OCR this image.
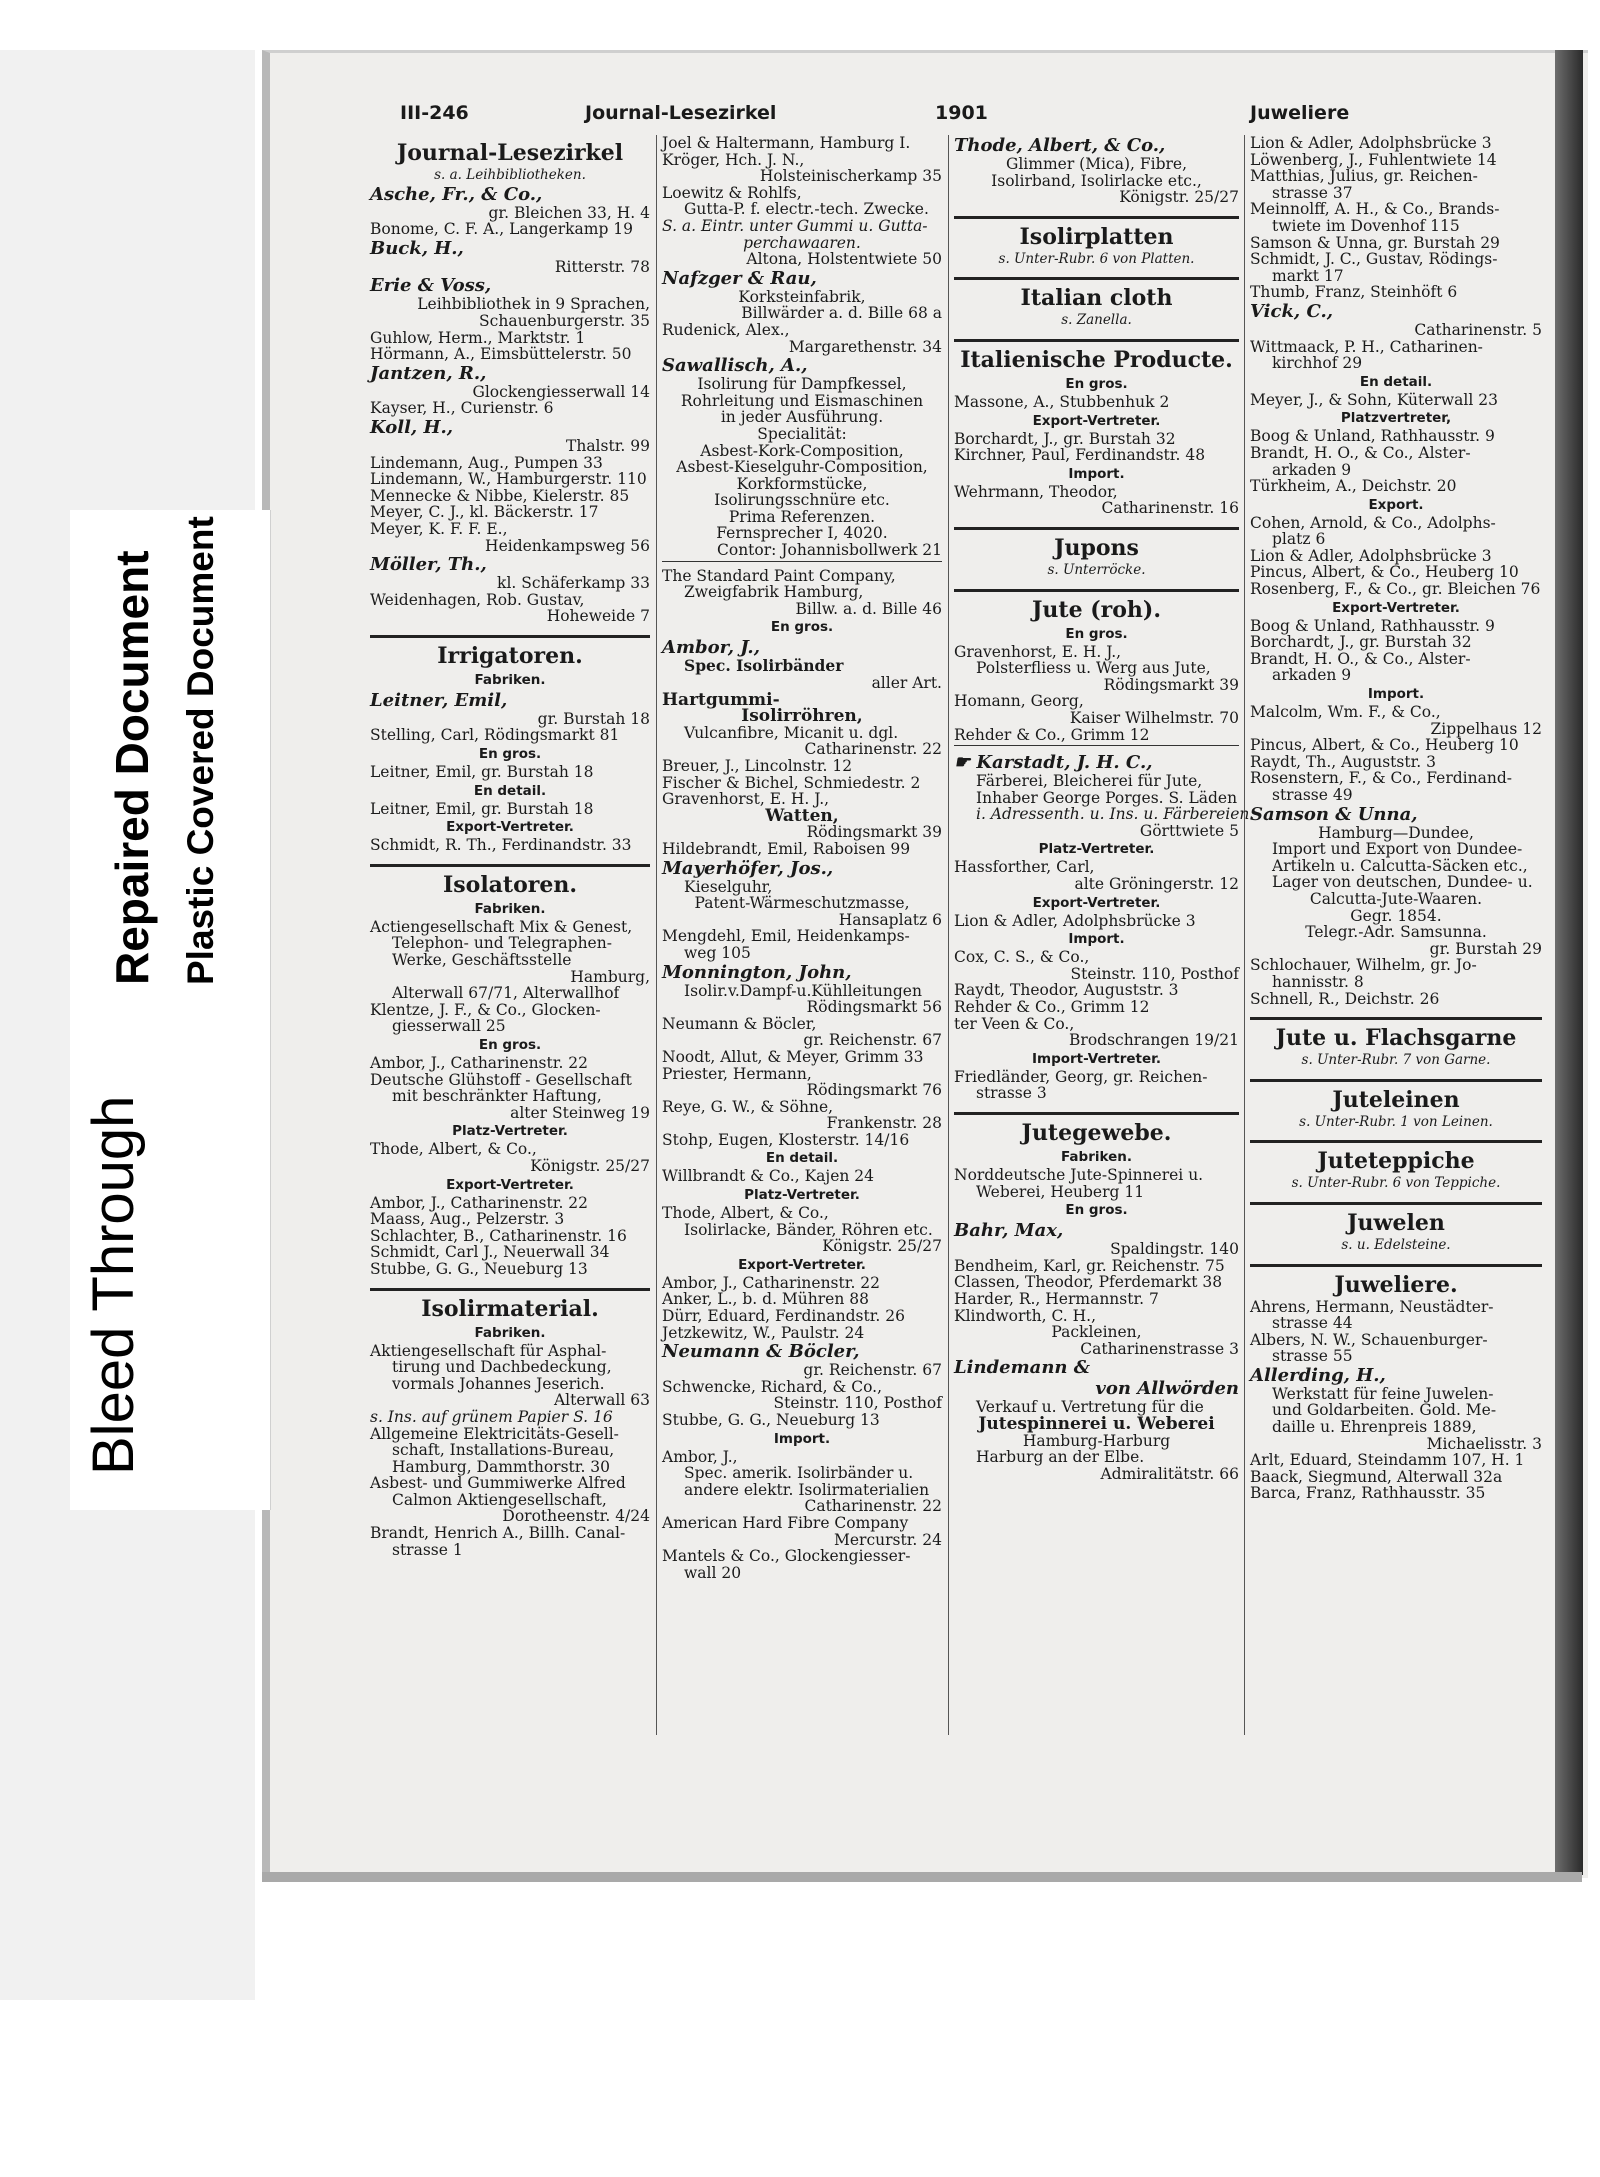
Bleed Through
Repaired Document Plastic Covered Document
III-246	Journal-Lesezirkel	1901	Juweliere
Journal-Lesezirkel
s. a. Leihbibliotheken.
Asche, Fr., & Co.,
gr. Bleichen 33, H. 4
Bonome, C. F. A., Langerkamp 19
Buck, H.,
Ritterstr. 78
Erie & Voss,
Leihbibliothek in 9 Sprachen,
Schauenburgerstr. 35
Guhlow, Herm., Marktstr. 1
Hörmann, A., Eimsbüttelerstr. 50
Jantzen, R.,
Glockengiesserwall 14
Kayser, H., Curienstr. 6
Koll, H.,
Thalstr. 99
Lindemann, Aug., Pumpen 33
Lindemann, W., Hamburgerstr. 110
Mennecke & Nibbe, Kielerstr. 85
Meyer, C. J., kl. Bäckerstr. 17
Meyer, K. F. F. E.,
Heidenkampsweg 56
Möller, Th.,
kl. Schäferkamp 33
Weidenhagen, Rob. Gustav,
Hoheweide 7
Irrigatoren.
Fabriken.
Leitner, Emil,
gr. Burstah 18
Stelling, Carl, Rödingsmarkt 81
En gros.
Leitner, Emil, gr. Burstah 18
En detail.
Leitner, Emil, gr. Burstah 18
Export-Vertreter.
Schmidt, R. Th., Ferdinandstr. 33
Isolatoren.
Fabriken.
Actiengesellschaft Mix & Genest,
Telephon- und Telegraphen-
Werke, Geschäftsstelle
Hamburg,
Alterwall 67/71, Alterwallhof
Klentze, J. F., & Co., Glocken-
giesserwall 25
En gros.
Ambor, J., Catharinenstr. 22
Deutsche Glühstoff - Gesellschaft
mit beschränkter Haftung,
alter Steinweg 19
Platz-Vertreter.
Thode, Albert, & Co.,
Königstr. 25/27
Export-Vertreter.
Ambor, J., Catharinenstr. 22
Maass, Aug., Pelzerstr. 3
Schlachter, B., Catharinenstr. 16
Schmidt, Carl J., Neuerwall 34
Stubbe, G. G., Neueburg 13
Isolirmaterial.
Fabriken.
Aktiengesellschaft für Asphal-
tirung und Dachbedeckung,
vormals Johannes Jeserich.
Alterwall 63
s. Ins. auf grünem Papier S. 16
Allgemeine Elektricitäts-Gesell-
schaft, Installations-Bureau,
Hamburg, Dammthorstr. 30
Asbest- und Gummiwerke Alfred
Calmon Aktiengesellschaft,
Dorotheenstr. 4/24
Brandt, Henrich A., Billh. Canal-
strasse 1
Joel & Haltermann, Hamburg I.
Kröger, Hch. J. N.,
Holsteinischerkamp 35
Loewitz & Rohlfs,
Gutta-P. f. electr.-tech. Zwecke.
S. a. Eintr. unter Gummi u. Gutta-
perchawaaren.
Altona, Holstentwiete 50
Nafzger & Rau,
Korksteinfabrik,
Billwärder a. d. Bille 68 a
Rudenick, Alex.,
Margarethenstr. 34
Sawallisch, A.,
Isolirung für Dampfkessel,
Rohrleitung und Eismaschinen
in jeder Ausführung.
Specialität:
Asbest-Kork-Composition,
Asbest-Kieselguhr-Composition,
Korkformstücke,
Isolirungsschnüre etc.
Prima Referenzen.
Fernsprecher I, 4020.
Contor: Johannisbollwerk 21
The Standard Paint Company,
Zweigfabrik Hamburg,
Billw. a. d. Bille 46
En gros.
Ambor, J.,
Spec. Isolirbänder
aller Art.
Hartgummi-
Isolirröhren,
Vulcanfibre, Micanit u. dgl.
Catharinenstr. 22
Breuer, J., Lincolnstr. 12
Fischer & Bichel, Schmiedestr. 2
Gravenhorst, E. H. J.,
Watten,
Rödingsmarkt 39
Hildebrandt, Emil, Raboisen 99
Mayerhöfer, Jos.,
Kieselguhr,
Patent-Wärmeschutzmasse,
Hansaplatz 6
Mengdehl, Emil, Heidenkamps-
weg 105
Monnington, John,
Isolir.v.Dampf-u.Kühlleitungen
Rödingsmarkt 56
Neumann & Böcler,
gr. Reichenstr. 67
Noodt, Allut, & Meyer, Grimm 33
Priester, Hermann,
Rödingsmarkt 76
Reye, G. W., & Söhne,
Frankenstr. 28
Stohp, Eugen, Klosterstr. 14/16
En detail.
Willbrandt & Co., Kajen 24
Platz-Vertreter.
Thode, Albert, & Co.,
Isolirlacke, Bänder, Röhren etc.
Königstr. 25/27
Export-Vertreter.
Ambor, J., Catharinenstr. 22
Anker, L., b. d. Mühren 88
Dürr, Eduard, Ferdinandstr. 26
Jetzkewitz, W., Paulstr. 24
Neumann & Böcler,
gr. Reichenstr. 67
Schwencke, Richard, & Co.,
Steinstr. 110, Posthof
Stubbe, G. G., Neueburg 13
Import.
Ambor, J.,
Spec. amerik. Isolirbänder u.
andere elektr. Isolirmaterialien
Catharinenstr. 22
American Hard Fibre Company
Mercurstr. 24
Mantels & Co., Glockengiesser-
wall 20
Thode, Albert, & Co.,
Glimmer (Mica), Fibre,
Isolirband, Isolirlacke etc.,
Königstr. 25/27
Isolirplatten
s. Unter-Rubr. 6 von Platten.
Italian cloth
s. Zanella.
Italienische Producte.
En gros.
Massone, A., Stubbenhuk 2
Export-Vertreter.
Borchardt, J., gr. Burstah 32
Kirchner, Paul, Ferdinandstr. 48
Import.
Wehrmann, Theodor,
Catharinenstr. 16
Jupons
s. Unterröcke.
Jute (roh).
En gros.
Gravenhorst, E. H. J.,
Polsterfliess u. Werg aus Jute,
Rödingsmarkt 39
Homann, Georg,
Kaiser Wilhelmstr. 70
Rehder & Co., Grimm 12
☛ Karstadt, J. H. C.,
Färberei, Bleicherei für Jute,
Inhaber George Porges. S. Läden
i. Adressenth. u. Ins. u. Färbereien.
Görttwiete 5
Platz-Vertreter.
Hassforther, Carl,
alte Gröningerstr. 12
Export-Vertreter.
Lion & Adler, Adolphsbrücke 3
Import.
Cox, C. S., & Co.,
Steinstr. 110, Posthof
Raydt, Theodor, Auguststr. 3
Rehder & Co., Grimm 12
ter Veen & Co.,
Brodschrangen 19/21
Import-Vertreter.
Friedländer, Georg, gr. Reichen-
strasse 3
Jutegewebe.
Fabriken.
Norddeutsche Jute-Spinnerei u.
Weberei, Heuberg 11
En gros.
Bahr, Max,
Spaldingstr. 140
Bendheim, Karl, gr. Reichenstr. 75
Classen, Theodor, Pferdemarkt 38
Harder, R., Hermannstr. 7
Klindworth, C. H.,
Packleinen,
Catharinenstrasse 3
Lindemann &
von Allwörden
Verkauf u. Vertretung für die
Jutespinnerei u. Weberei
Hamburg-Harburg
Harburg an der Elbe.
Admiralitätstr. 66
Lion & Adler, Adolphsbrücke 3
Löwenberg, J., Fuhlentwiete 14
Matthias, Julius, gr. Reichen-
strasse 37
Meinnolff, A. H., & Co., Brands-
twiete im Dovenhof 115
Samson & Unna, gr. Burstah 29
Schmidt, J. C., Gustav, Rödings-
markt 17
Thumb, Franz, Steinhöft 6
Vick, C.,
Catharinenstr. 5
Wittmaack, P. H., Catharinen-
kirchhof 29
En detail.
Meyer, J., & Sohn, Küterwall 23
Platzvertreter,
Boog & Unland, Rathhausstr. 9
Brandt, H. O., & Co., Alster-
arkaden 9
Türkheim, A., Deichstr. 20
Export.
Cohen, Arnold, & Co., Adolphs-
platz 6
Lion & Adler, Adolphsbrücke 3
Pincus, Albert, & Co., Heuberg 10
Rosenberg, F., & Co., gr. Bleichen 76
Export-Vertreter.
Boog & Unland, Rathhausstr. 9
Borchardt, J., gr. Burstah 32
Brandt, H. O., & Co., Alster-
arkaden 9
Import.
Malcolm, Wm. F., & Co.,
Zippelhaus 12
Pincus, Albert, & Co., Heuberg 10
Raydt, Th., Auguststr. 3
Rosenstern, F., & Co., Ferdinand-
strasse 49
Samson & Unna,
Hamburg—Dundee,
Import und Export von Dundee-
Artikeln u. Calcutta-Säcken etc.,
Lager von deutschen, Dundee- u.
Calcutta-Jute-Waaren.
Gegr. 1854.
Telegr.-Adr. Samsunna.
gr. Burstah 29
Schlochauer, Wilhelm, gr. Jo-
hannisstr. 8
Schnell, R., Deichstr. 26
Jute u. Flachsgarne
s. Unter-Rubr. 7 von Garne.
Juteleinen
s. Unter-Rubr. 1 von Leinen.
Juteteppiche
s. Unter-Rubr. 6 von Teppiche.
Juwelen
s. u. Edelsteine.
Juweliere.
Ahrens, Hermann, Neustädter-
strasse 44
Albers, N. W., Schauenburger-
strasse 55
Allerding, H.,
Werkstatt für feine Juwelen-
und Goldarbeiten. Gold. Me-
daille u. Ehrenpreis 1889,
Michaelisstr. 3
Arlt, Eduard, Steindamm 107, H. 1
Baack, Siegmund, Alterwall 32a
Barca, Franz, Rathhausstr. 35
